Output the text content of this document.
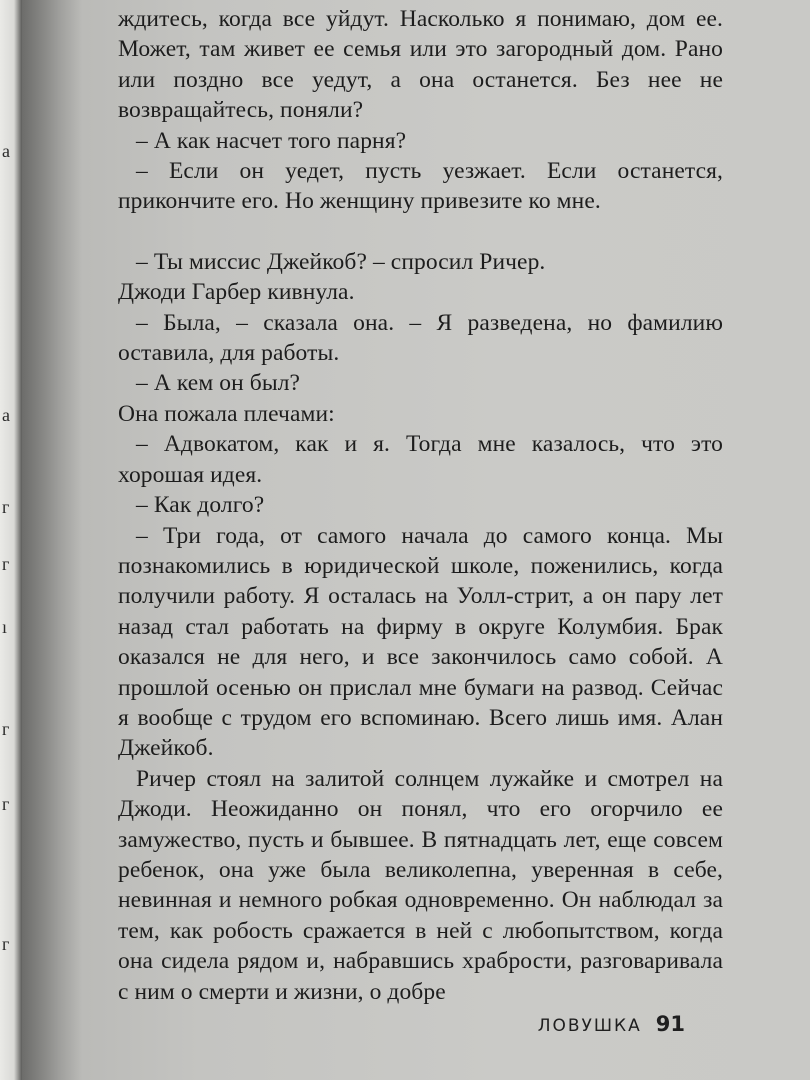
a
a
г
г
г
ı
г
г

ждитесь, когда все уйдут. Насколько я понимаю, дом ее. Может, там живет ее семья или это загородный дом. Рано или поздно все уедут, а она останется. Без нее не возвращайтесь, поняли?

– А как насчет того парня?

– Если он уедет, пусть уезжает. Если останется, прикончите его. Но женщину привезите ко мне.

– Ты миссис Джейкоб? – спросил Ричер.

Джоди Гарбер кивнула.

– Была, – сказала она. – Я разведена, но фамилию оставила, для работы.

– А кем он был?

Она пожала плечами:

– Адвокатом, как и я. Тогда мне казалось, что это хорошая идея.

– Как долго?

– Три года, от самого начала до самого конца. Мы познакомились в юридической школе, поженились, когда получили работу. Я осталась на Уолл-стрит, а он пару лет назад стал работать на фирму в округе Колумбия. Брак оказался не для него, и все закончилось само собой. А прошлой осенью он прислал мне бумаги на развод. Сейчас я вообще с трудом его вспоминаю. Всего лишь имя. Алан Джейкоб.

Ричер стоял на залитой солнцем лужайке и смотрел на Джоди. Неожиданно он понял, что его огорчило ее замужество, пусть и бывшее. В пятнадцать лет, еще совсем ребенок, она уже была великолепна, уверенная в себе, невинная и немного робкая одновременно. Он наблюдал за тем, как робость сражается в ней с любопытством, когда она сидела рядом и, набравшись храбрости, разговаривала с ним о смерти и жизни, о добре

ЛОВУШКА 91
